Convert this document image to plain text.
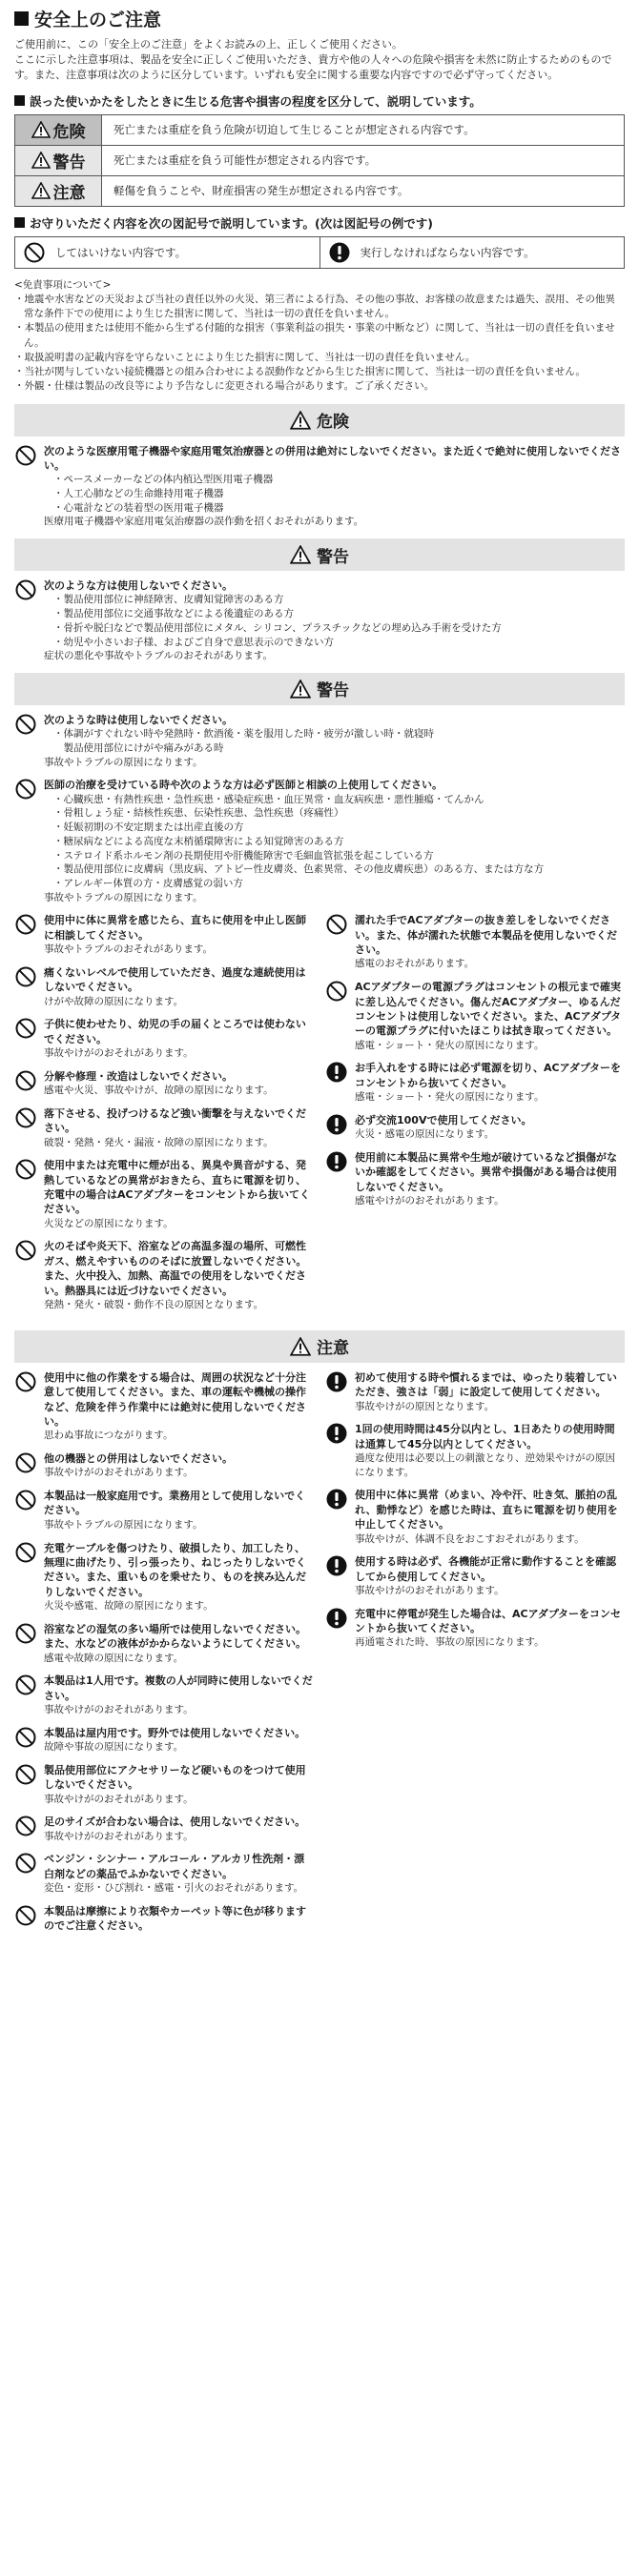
安全上のご注意
ご使用前に、この「安全上のご注意」をよくお読みの上、正しくご使用ください。
ここに示した注意事項は、製品を安全に正しくご使用いただき、貴方や他の人々への危険や損害を未然に防止するためのものです。また、注意事項は次のように区分しています。いずれも安全に関する重要な内容ですので必ず守ってください。
誤った使いかたをしたときに生じる危害や損害の程度を区分して、説明しています。
危険	死亡または重症を負う危険が切迫して生じることが想定される内容です。

警告	死亡または重症を負う可能性が想定される内容です。

注意	軽傷を負うことや、財産損害の発生が想定される内容です。
お守りいただく内容を次の図記号で説明しています。(次は図記号の例です)
してはいけない内容です。	実行しなければならない内容です。
<免責事項について>
・地震や水害などの天災および当社の責任以外の火災、第三者による行為、その他の事故、お客様の故意または過失、誤用、その他異常な条件下での使用により生じた損害に関して、当社は一切の責任を負いません。
・本製品の使用または使用不能から生ずる付随的な損害（事業利益の損失・事業の中断など）に関して、当社は一切の責任を負いません。
・取扱説明書の記載内容を守らないことにより生じた損害に関して、当社は一切の責任を負いません。
・当社が関与していない接続機器との組み合わせによる誤動作などから生じた損害に関して、当社は一切の責任を負いません。
・外観・仕様は製品の改良等により予告なしに変更される場合があります。ご了承ください。
危険
次のような医療用電子機器や家庭用電気治療器との併用は絶対にしないでください。また近くで絶対に使用しないでください。
・ペースメーカーなどの体内植込型医用電子機器
・人工心肺などの生命維持用電子機器
・心電計などの装着型の医用電子機器
医療用電子機器や家庭用電気治療器の誤作動を招くおそれがあります。
警告
次のような方は使用しないでください。
・製品使用部位に神経障害、皮膚知覚障害のある方
・製品使用部位に交通事故などによる後遺症のある方
・骨折や脱臼などで製品使用部位にメタル、シリコン、プラスチックなどの埋め込み手術を受けた方
・幼児や小さいお子様、およびご自身で意思表示のできない方
症状の悪化や事故やトラブルのおそれがあります。
警告
次のような時は使用しないでください。
・体調がすぐれない時や発熱時・飲酒後・薬を服用した時・疲労が激しい時・就寝時
　製品使用部位にけがや痛みがある時
事故やトラブルの原因になります。
医師の治療を受けている時や次のような方は必ず医師と相談の上使用してください。
・心臓疾患・有熱性疾患・急性疾患・感染症疾患・血圧異常・血友病疾患・悪性腫瘍・てんかん
・骨粗しょう症・結核性疾患、伝染性疾患、急性疾患（疼痛性）
・妊娠初期の不安定期または出産直後の方
・糖尿病などによる高度な末梢循環障害による知覚障害のある方
・ステロイド系ホルモン剤の長期使用や肝機能障害で毛細血管拡張を起こしている方
・製品使用部位に皮膚病（黒皮病、アトピー性皮膚炎、色素異常、その他皮膚疾患）のある方、または方な方
・アレルギー体質の方・皮膚感覚の弱い方
事故やトラブルの原因になります。
使用中に体に異常を感じたら、直ちに使用を中止し医師に相談してください。
事故やトラブルのおそれがあります。
痛くないレベルで使用していただき、過度な連続使用はしないでください。
けがや故障の原因になります。
子供に使わせたり、幼児の手の届くところでは使わないでください。
事故やけがのおそれがあります。
分解や修理・改造はしないでください。
感電や火災、事故やけが、故障の原因になります。
落下させる、投げつけるなど強い衝撃を与えないでください。
破裂・発熱・発火・漏液・故障の原因になります。
使用中または充電中に煙が出る、異臭や異音がする、発熱しているなどの異常がおきたら、直ちに電源を切り、充電中の場合はACアダプターをコンセントから抜いてください。
火災などの原因になります。
火のそばや炎天下、浴室などの高温多湿の場所、可燃性ガス、燃えやすいもののそばに放置しないでください。また、火中投入、加熱、高温での使用をしないでください。熱器具には近づけないでください。
発熱・発火・破裂・動作不良の原因となります。
濡れた手でACアダプターの抜き差しをしないでください。また、体が濡れた状態で本製品を使用しないでください。
感電のおそれがあります。
ACアダプターの電源プラグはコンセントの根元まで確実に差し込んでください。傷んだACアダプター、ゆるんだコンセントは使用しないでください。また、ACアダプターの電源プラグに付いたほこりは拭き取ってください。
感電・ショート・発火の原因になります。
お手入れをする時には必ず電源を切り、ACアダプターをコンセントから抜いてください。
感電・ショート・発火の原因になります。
必ず交流100Vで使用してください。
火災・感電の原因になります。
使用前に本製品に異常や生地が破けているなど損傷がないか確認をしてください。異常や損傷がある場合は使用しないでください。
感電やけがのおそれがあります。
注意
使用中に他の作業をする場合は、周囲の状況など十分注意して使用してください。また、車の運転や機械の操作など、危険を伴う作業中には絶対に使用しないでください。
思わぬ事故につながります。
他の機器との併用はしないでください。
事故やけがのおそれがあります。
本製品は一般家庭用です。業務用として使用しないでください。
事故やトラブルの原因になります。
充電ケーブルを傷つけたり、破損したり、加工したり、無理に曲げたり、引っ張ったり、ねじったりしないでください。また、重いものを乗せたり、ものを挟み込んだりしないでください。
火災や感電、故障の原因になります。
浴室などの湿気の多い場所では使用しないでください。また、水などの液体がかからないようにしてください。
感電や故障の原因になります。
本製品は1人用です。複数の人が同時に使用しないでください。
事故やけがのおそれがあります。
本製品は屋内用です。野外では使用しないでください。
故障や事故の原因になります。
製品使用部位にアクセサリーなど硬いものをつけて使用しないでください。
事故やけがのおそれがあります。
足のサイズが合わない場合は、使用しないでください。
事故やけがのおそれがあります。
ベンジン・シンナー・アルコール・アルカリ性洗剤・漂白剤などの薬品でふかないでください。
変色・変形・ひび割れ・感電・引火のおそれがあります。
本製品は摩擦により衣類やカーペット等に色が移りますのでご注意ください。
初めて使用する時や慣れるまでは、ゆったり装着していただき、強さは「弱」に設定して使用してください。
事故やけがの原因となります。
1回の使用時間は45分以内とし、1日あたりの使用時間は通算して45分以内としてください。
過度な使用は必要以上の刺激となり、逆効果やけがの原因になります。
使用中に体に異常（めまい、冷や汗、吐き気、脈拍の乱れ、動悸など）を感じた時は、直ちに電源を切り使用を中止してください。
事故やけが、体調不良をおこすおそれがあります。
使用する時は必ず、各機能が正常に動作することを確認してから使用してください。
事故やけがのおそれがあります。
充電中に停電が発生した場合は、ACアダプターをコンセントから抜いてください。
再通電された時、事故の原因になります。
